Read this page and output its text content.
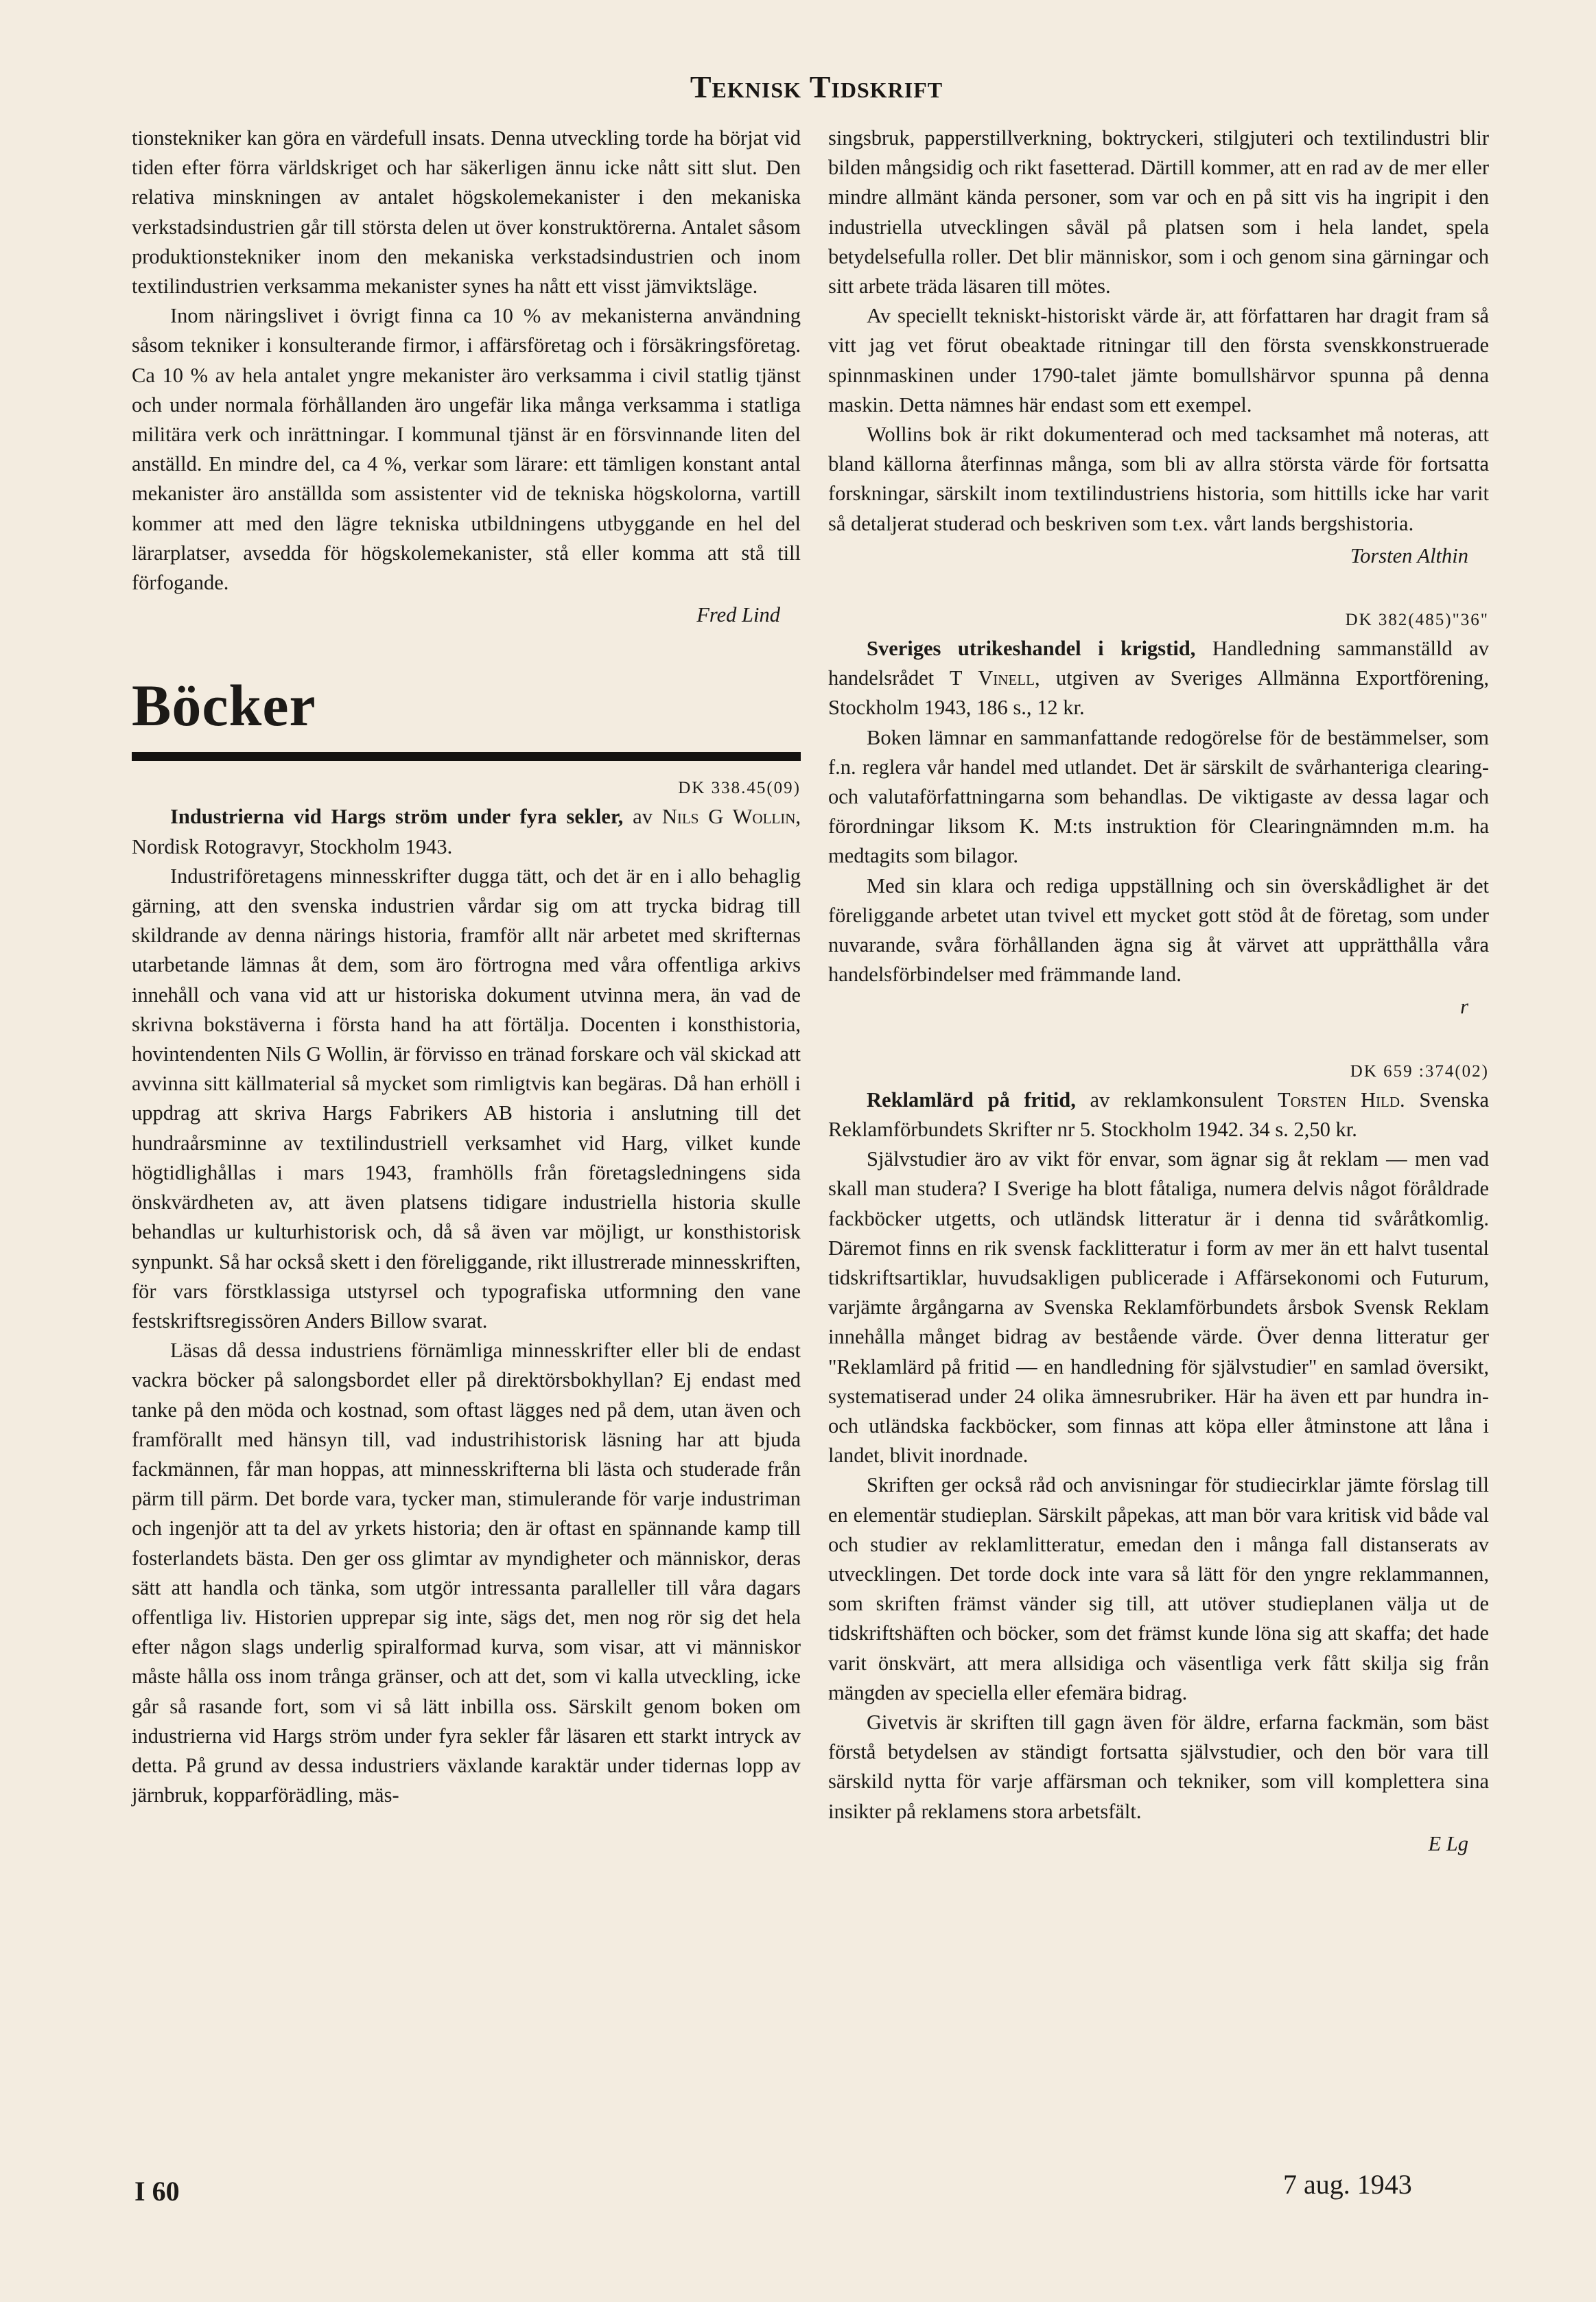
Teknisk Tidskrift

tionstekniker kan göra en värdefull insats. Denna utveckling torde ha börjat vid tiden efter förra världskriget och har säkerligen ännu icke nått sitt slut. Den relativa minskningen av antalet högskolemekanister i den mekaniska verkstadsindustrien går till största delen ut över konstruktörerna. Antalet såsom produktionstekniker inom den mekaniska verkstadsindustrien och inom textilindustrien verksamma mekanister synes ha nått ett visst jämviktsläge.

Inom näringslivet i övrigt finna ca 10 % av mekanisterna användning såsom tekniker i konsulterande firmor, i affärsföretag och i försäkringsföretag. Ca 10 % av hela antalet yngre mekanister äro verksamma i civil statlig tjänst och under normala förhållanden äro ungefär lika många verksamma i statliga militära verk och inrättningar. I kommunal tjänst är en försvinnande liten del anställd. En mindre del, ca 4 %, verkar som lärare: ett tämligen konstant antal mekanister äro anställda som assistenter vid de tekniska högskolorna, vartill kommer att med den lägre tekniska utbildningens utbyggande en hel del lärarplatser, avsedda för högskolemekanister, stå eller komma att stå till förfogande.

Fred Lind
Böcker
DK 338.45(09)

Industrierna vid Hargs ström under fyra sekler, av Nils G Wollin, Nordisk Rotogravyr, Stockholm 1943.

Industriföretagens minnesskrifter dugga tätt, och det är en i allo behaglig gärning, att den svenska industrien vårdar sig om att trycka bidrag till skildrande av denna närings historia, framför allt när arbetet med skrifternas utarbetande lämnas åt dem, som äro förtrogna med våra offentliga arkivs innehåll och vana vid att ur historiska dokument utvinna mera, än vad de skrivna bokstäverna i första hand ha att förtälja. Docenten i konsthistoria, hovintendenten Nils G Wollin, är förvisso en tränad forskare och väl skickad att avvinna sitt källmaterial så mycket som rimligtvis kan begäras. Då han erhöll i uppdrag att skriva Hargs Fabrikers AB historia i anslutning till det hundraårsminne av textilindustriell verksamhet vid Harg, vilket kunde högtidlighållas i mars 1943, framhölls från företagsledningens sida önskvärdheten av, att även platsens tidigare industriella historia skulle behandlas ur kulturhistorisk och, då så även var möjligt, ur konsthistorisk synpunkt. Så har också skett i den föreliggande, rikt illustrerade minnesskriften, för vars förstklassiga utstyrsel och typografiska utformning den vane festskriftsregissören Anders Billow svarat.

Läsas då dessa industriens förnämliga minnesskrifter eller bli de endast vackra böcker på salongsbordet eller på direktörsbokhyllan? Ej endast med tanke på den möda och kostnad, som oftast lägges ned på dem, utan även och framförallt med hänsyn till, vad industrihistorisk läsning har att bjuda fackmännen, får man hoppas, att minnesskrifterna bli lästa och studerade från pärm till pärm. Det borde vara, tycker man, stimulerande för varje industriman och ingenjör att ta del av yrkets historia; den är oftast en spännande kamp till fosterlandets bästa. Den ger oss glimtar av myndigheter och människor, deras sätt att handla och tänka, som utgör intressanta paralleller till våra dagars offentliga liv. Historien upprepar sig inte, sägs det, men nog rör sig det hela efter någon slags underlig spiralformad kurva, som visar, att vi människor måste hålla oss inom trånga gränser, och att det, som vi kalla utveckling, icke går så rasande fort, som vi så lätt inbilla oss. Särskilt genom boken om industrierna vid Hargs ström under fyra sekler får läsaren ett starkt intryck av detta. På grund av dessa industriers växlande karaktär under tidernas lopp av järnbruk, kopparförädling, mäs-

singsbruk, papperstillverkning, boktryckeri, stilgjuteri och textilindustri blir bilden mångsidig och rikt fasetterad. Därtill kommer, att en rad av de mer eller mindre allmänt kända personer, som var och en på sitt vis ha ingripit i den industriella utvecklingen såväl på platsen som i hela landet, spela betydelsefulla roller. Det blir människor, som i och genom sina gärningar och sitt arbete träda läsaren till mötes.

Av speciellt tekniskt-historiskt värde är, att författaren har dragit fram så vitt jag vet förut obeaktade ritningar till den första svenskkonstruerade spinnmaskinen under 1790-talet jämte bomullshärvor spunna på denna maskin. Detta nämnes här endast som ett exempel.

Wollins bok är rikt dokumenterad och med tacksamhet må noteras, att bland källorna återfinnas många, som bli av allra största värde för fortsatta forskningar, särskilt inom textilindustriens historia, som hittills icke har varit så detaljerat studerad och beskriven som t.ex. vårt lands bergshistoria.

Torsten Althin
DK 382(485)"36"

Sveriges utrikeshandel i krigstid, Handledning sammanställd av handelsrådet T Vinell, utgiven av Sveriges Allmänna Exportförening, Stockholm 1943, 186 s., 12 kr.

Boken lämnar en sammanfattande redogörelse för de bestämmelser, som f.n. reglera vår handel med utlandet. Det är särskilt de svårhanteriga clearing- och valutaförfattningarna som behandlas. De viktigaste av dessa lagar och förordningar liksom K. M:ts instruktion för Clearingnämnden m.m. ha medtagits som bilagor.

Med sin klara och rediga uppställning och sin överskådlighet är det föreliggande arbetet utan tvivel ett mycket gott stöd åt de företag, som under nuvarande, svåra förhållanden ägna sig åt värvet att upprätthålla våra handelsförbindelser med främmande land.

r
DK 659 :374(02)

Reklamlärd på fritid, av reklamkonsulent Torsten Hild. Svenska Reklamförbundets Skrifter nr 5. Stockholm 1942. 34 s. 2,50 kr.

Självstudier äro av vikt för envar, som ägnar sig åt reklam — men vad skall man studera? I Sverige ha blott fåtaliga, numera delvis något föråldrade fackböcker utgetts, och utländsk litteratur är i denna tid svåråtkomlig. Däremot finns en rik svensk facklitteratur i form av mer än ett halvt tusental tidskriftsartiklar, huvudsakligen publicerade i Affärsekonomi och Futurum, varjämte årgångarna av Svenska Reklamförbundets årsbok Svensk Reklam innehålla månget bidrag av bestående värde. Över denna litteratur ger "Reklamlärd på fritid — en handledning för självstudier" en samlad översikt, systematiserad under 24 olika ämnesrubriker. Här ha även ett par hundra in- och utländska fackböcker, som finnas att köpa eller åtminstone att låna i landet, blivit inordnade.

Skriften ger också råd och anvisningar för studiecirklar jämte förslag till en elementär studieplan. Särskilt påpekas, att man bör vara kritisk vid både val och studier av reklamlitteratur, emedan den i många fall distanserats av utvecklingen. Det torde dock inte vara så lätt för den yngre reklammannen, som skriften främst vänder sig till, att utöver studieplanen välja ut de tidskriftshäften och böcker, som det främst kunde löna sig att skaffa; det hade varit önskvärt, att mera allsidiga och väsentliga verk fått skilja sig från mängden av speciella eller efemära bidrag.

Givetvis är skriften till gagn även för äldre, erfarna fackmän, som bäst förstå betydelsen av ständigt fortsatta självstudier, och den bör vara till särskild nytta för varje affärsman och tekniker, som vill komplettera sina insikter på reklamens stora arbetsfält.

E Lg
I 60	7 aug. 1943
